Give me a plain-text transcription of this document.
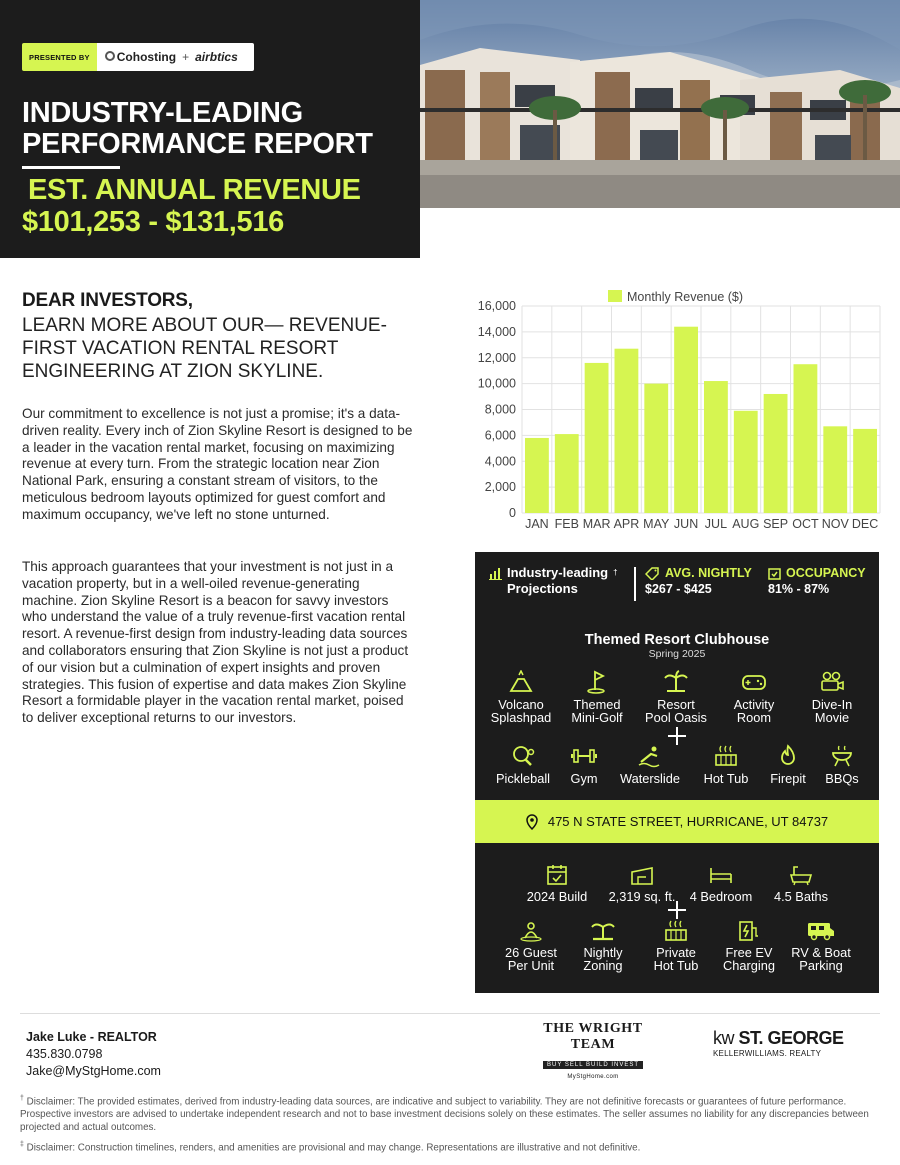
PRESENTED BY	Cohosting + airbtics
INDUSTRY-LEADING
PERFORMANCE REPORT
EST. ANNUAL REVENUE
$101,253 - $131,516
DEAR INVESTORS,
LEARN MORE ABOUT OUR— REVENUE-FIRST VACATION RENTAL RESORT ENGINEERING AT ZION SKYLINE.
Our commitment to excellence is not just a promise; it's a data-driven reality. Every inch of Zion Skyline Resort is designed to be a leader in the vacation rental market, focusing on maximizing revenue at every turn. From the strategic location near Zion National Park, ensuring a constant stream of visitors, to the meticulous bedroom layouts optimized for guest comfort and maximum occupancy, we've left no stone unturned.
This approach guarantees that your investment is not just in a vacation property, but in a well-oiled revenue-generating machine. Zion Skyline Resort is a beacon for savvy investors who understand the value of a truly revenue-first vacation rental resort. A revenue-first design from industry-leading data sources and collaborators ensuring that Zion Skyline is not just a product of our vision but a culmination of expert insights and proven strategies. This fusion of expertise and data makes Zion Skyline Resort a formidable player in the vacation rental market, poised to deliver exceptional returns to our investors.
0
2,000
4,000
6,000
8,000
10,000
12,000
14,000
16,000
JAN FEB MAR APR MAY JUN JUL AUG SEP OCT NOV DEC
Monthly Revenue ($)
Industry-leading †
Projections
AVG. NIGHTLY
$267 - $425
OCCUPANCY
81% - 87%
Themed Resort Clubhouse
Spring 2025
Volcano
Splashpad
Themed
Mini-Golf
Resort
Pool Oasis
Activity
Room
Dive-In
Movie
Pickleball	Gym	Waterslide	Hot Tub	Firepit	BBQs
2024 Build	2,319 sq. ft.	4 Bedroom	4.5 Baths
26 Guest
Per Unit
Nightly
Zoning
Private
Hot Tub
Free EV
Charging
RV & Boat
Parking
475 N STATE STREET, HURRICANE, UT 84737
Jake Luke - REALTOR
435.830.0798
Jake@MyStgHome.com
THE WRIGHT TEAM
BUY SELL BUILD INVEST
MyStgHome.com
kw ST. GEORGE
KELLERWILLIAMS. REALTY
† Disclaimer: The provided estimates, derived from industry-leading data sources, are indicative and subject to variability. They are not definitive forecasts or guarantees of future performance. Prospective investors are advised to undertake independent research and not to base investment decisions solely on these estimates. The seller assumes no liability for any discrepancies between projected and actual outcomes.
‡ Disclaimer: Construction timelines, renders, and amenities are provisional and may change. Representations are illustrative and not definitive.
